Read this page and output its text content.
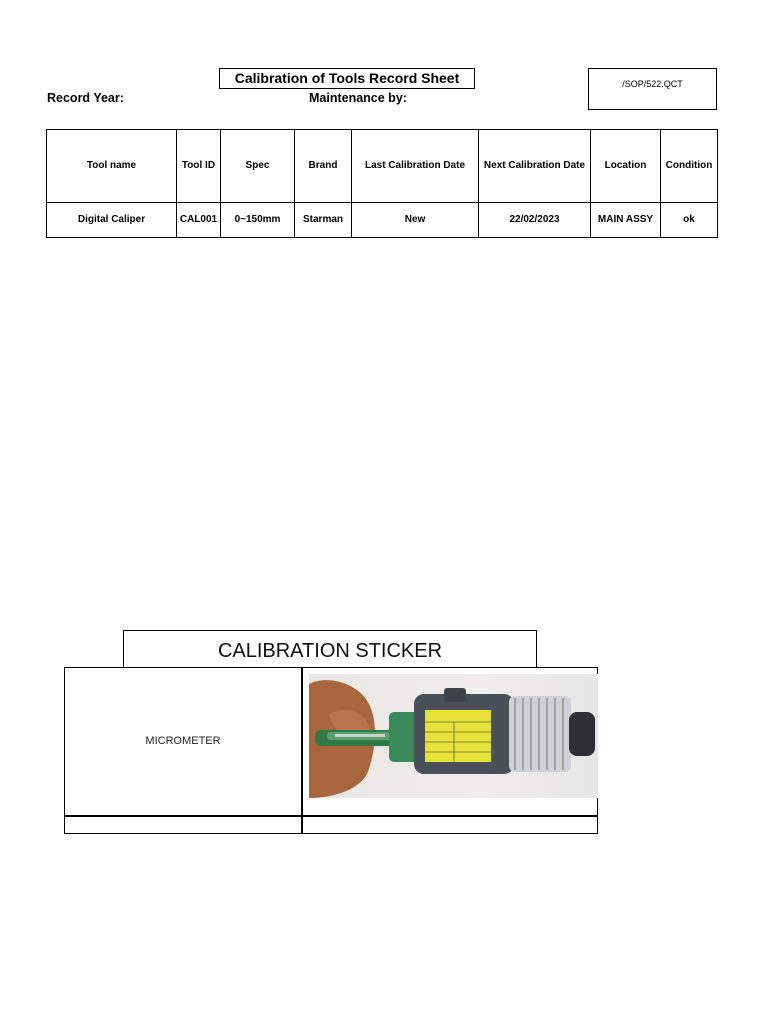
Calibration of Tools Record Sheet	/SOP/522.QCT
Record Year:	Maintenance by:
Tool name	Tool ID	Spec	Brand	Last Calibration Date	Next Calibration Date	Location	Condition
Digital Caliper	CAL001	0~150mm	Starman	New	22/02/2023	MAIN ASSY	ok
CALIBRATION STICKER
MICROMETER
